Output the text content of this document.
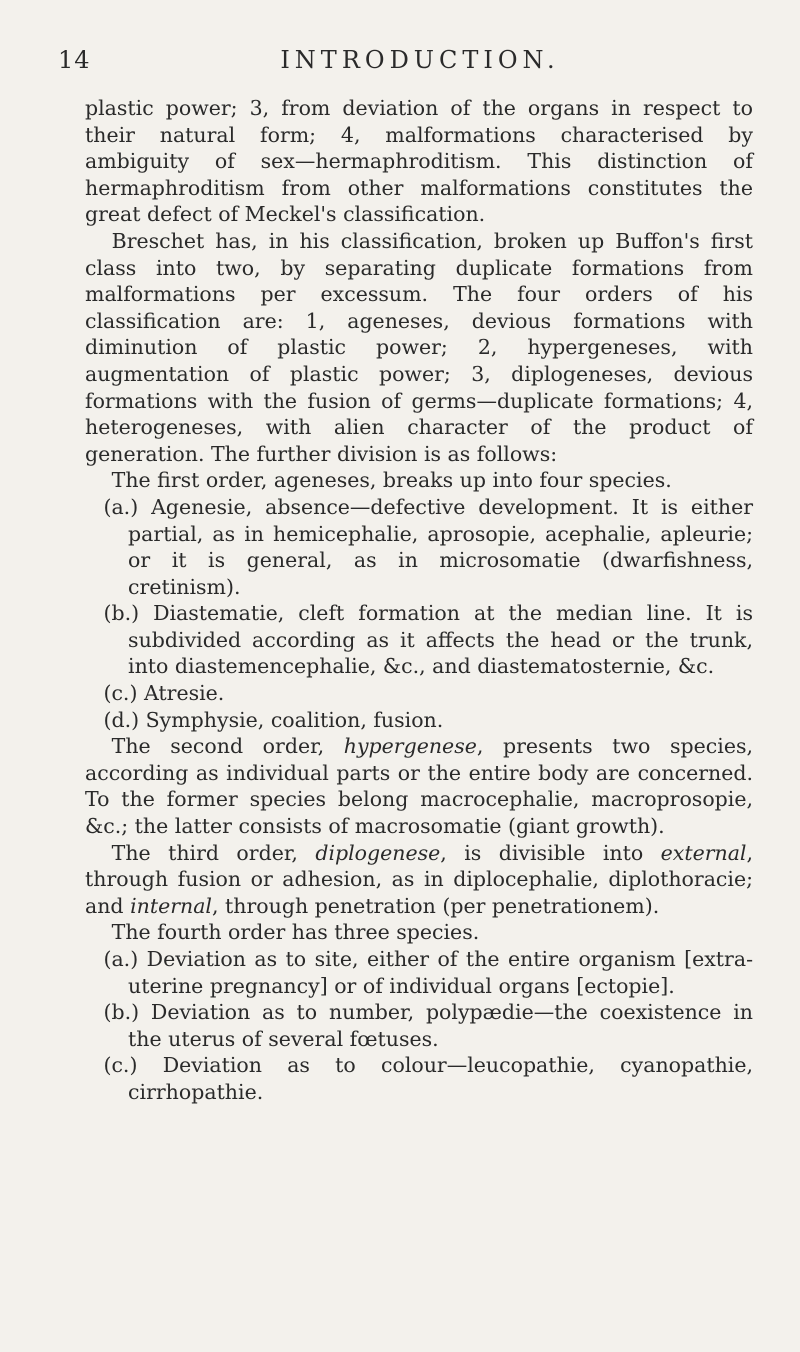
14	INTRODUCTION.

plastic power; 3, from deviation of the organs in respect to their natural form; 4, malformations characterised by ambiguity of sex—hermaphroditism. This distinction of hermaphroditism from other malformations constitutes the great defect of Meckel's classification.

Breschet has, in his classification, broken up Buffon's first class into two, by separating duplicate formations from malformations per excessum. The four orders of his classification are: 1, ageneses, devious formations with diminution of plastic power; 2, hypergeneses, with augmentation of plastic power; 3, diplogeneses, devious formations with the fusion of germs—duplicate formations; 4, heterogeneses, with alien character of the product of generation. The further division is as follows:

The first order, ageneses, breaks up into four species.

(a.) Agenesie, absence—defective development. It is either partial, as in hemicephalie, aprosopie, acephalie, apleurie; or it is general, as in microsomatie (dwarfishness, cretinism).

(b.) Diastematie, cleft formation at the median line. It is subdivided according as it affects the head or the trunk, into diastemencephalie, &c., and diastematosternie, &c.

(c.) Atresie.

(d.) Symphysie, coalition, fusion.

The second order, hypergenese, presents two species, according as individual parts or the entire body are concerned. To the former species belong macrocephalie, macroprosopie, &c.; the latter consists of macrosomatie (giant growth).

The third order, diplogenese, is divisible into external, through fusion or adhesion, as in diplocephalie, diplothoracie; and internal, through penetration (per penetrationem).

The fourth order has three species.

(a.) Deviation as to site, either of the entire organism [extra-uterine pregnancy] or of individual organs [ectopie].

(b.) Deviation as to number, polypædie—the coexistence in the uterus of several fœtuses.

(c.) Deviation as to colour—leucopathie, cyanopathie, cirrhopathie.
